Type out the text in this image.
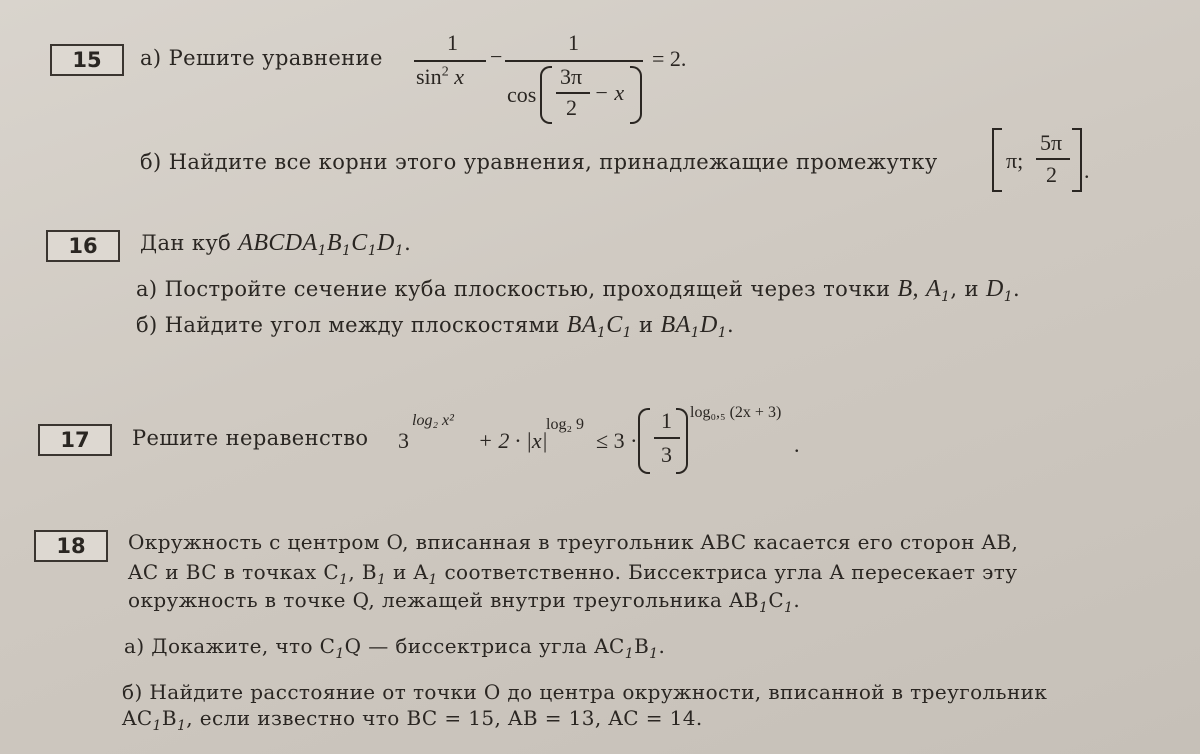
15	а) Решите уравнение
1
$\sin^2 x$
−
1
cos
3π
2
− x
= 2.
б) Найдите все корни этого уравнения, принадлежащие промежутку	π;
5π
2 .
16	Дан куб $ABCDA_1B_1C_1D_1$.
а) Постройте сечение куба плоскостью, проходящей через точки B, $A_1$, и $D_1$.
б) Найдите угол между плоскостями $BA_1C_1$ и $BA_1D_1$.
17	Решите неравенство 3
log₂ x²
+ 2 · |x|
log₂ 9
≤ 3 ·
1
3
log₀,₅ (2x + 3)
.
18	Окружность с центром O, вписанная в треугольник ABC касается его сторон AB,
AC и BC в точках $C_1$, $B_1$ и $A_1$ соответственно. Биссектриса угла A пересекает эту
окружность в точке Q, лежащей внутри треугольника $AB_1C_1$.
а) Докажите, что $C_1Q$ — биссектриса угла $AC_1B_1$.
б) Найдите расстояние от точки O до центра окружности, вписанной в треугольник
$AC_1B_1$, если известно что BC = 15, AB = 13, AC = 14.
